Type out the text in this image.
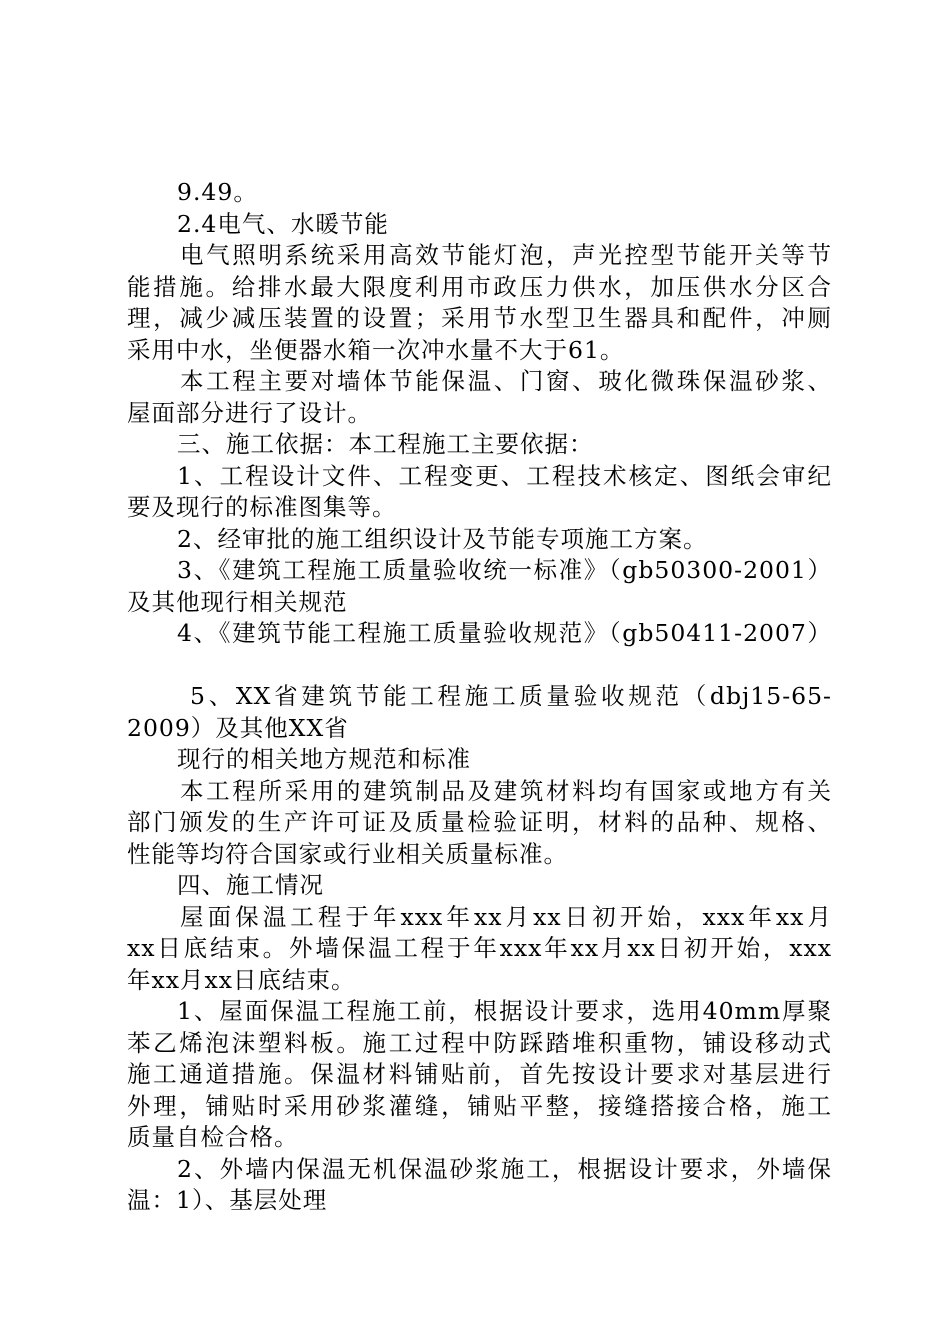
9.49。
2.4电气、水暖节能
电气照明系统采用高效节能灯泡，声光控型节能开关等节
能措施。给排水最大限度利用市政压力供水，加压供水分区合
理，减少减压装置的设置；采用节水型卫生器具和配件，冲厕
采用中水，坐便器水箱一次冲水量不大于61。
本工程主要对墙体节能保温、门窗、玻化微珠保温砂浆、
屋面部分进行了设计。
三、施工依据：本工程施工主要依据：
1、工程设计文件、工程变更、工程技术核定、图纸会审纪
要及现行的标准图集等。
2、经审批的施工组织设计及节能专项施工方案。
3、《建筑工程施工质量验收统一标准》（gb50300-2001）
及其他现行相关规范
4、《建筑节能工程施工质量验收规范》（gb50411-2007）
5、XX省建筑节能工程施工质量验收规范（dbj15-65-
2009）及其他XX省
现行的相关地方规范和标准
本工程所采用的建筑制品及建筑材料均有国家或地方有关
部门颁发的生产许可证及质量检验证明，材料的品种、规格、
性能等均符合国家或行业相关质量标准。
四、施工情况
屋面保温工程于年xxx年xx月xx日初开始，xxx年xx月
xx日底结束。外墙保温工程于年xxx年xx月xx日初开始，xxx
年xx月xx日底结束。
1、屋面保温工程施工前，根据设计要求，选用40mm厚聚
苯乙烯泡沫塑料板。施工过程中防踩踏堆积重物，铺设移动式
施工通道措施。保温材料铺贴前，首先按设计要求对基层进行
外理，铺贴时采用砂浆灌缝，铺贴平整，接缝搭接合格，施工
质量自检合格。
2、外墙内保温无机保温砂浆施工，根据设计要求，外墙保
温：1）、基层处理
